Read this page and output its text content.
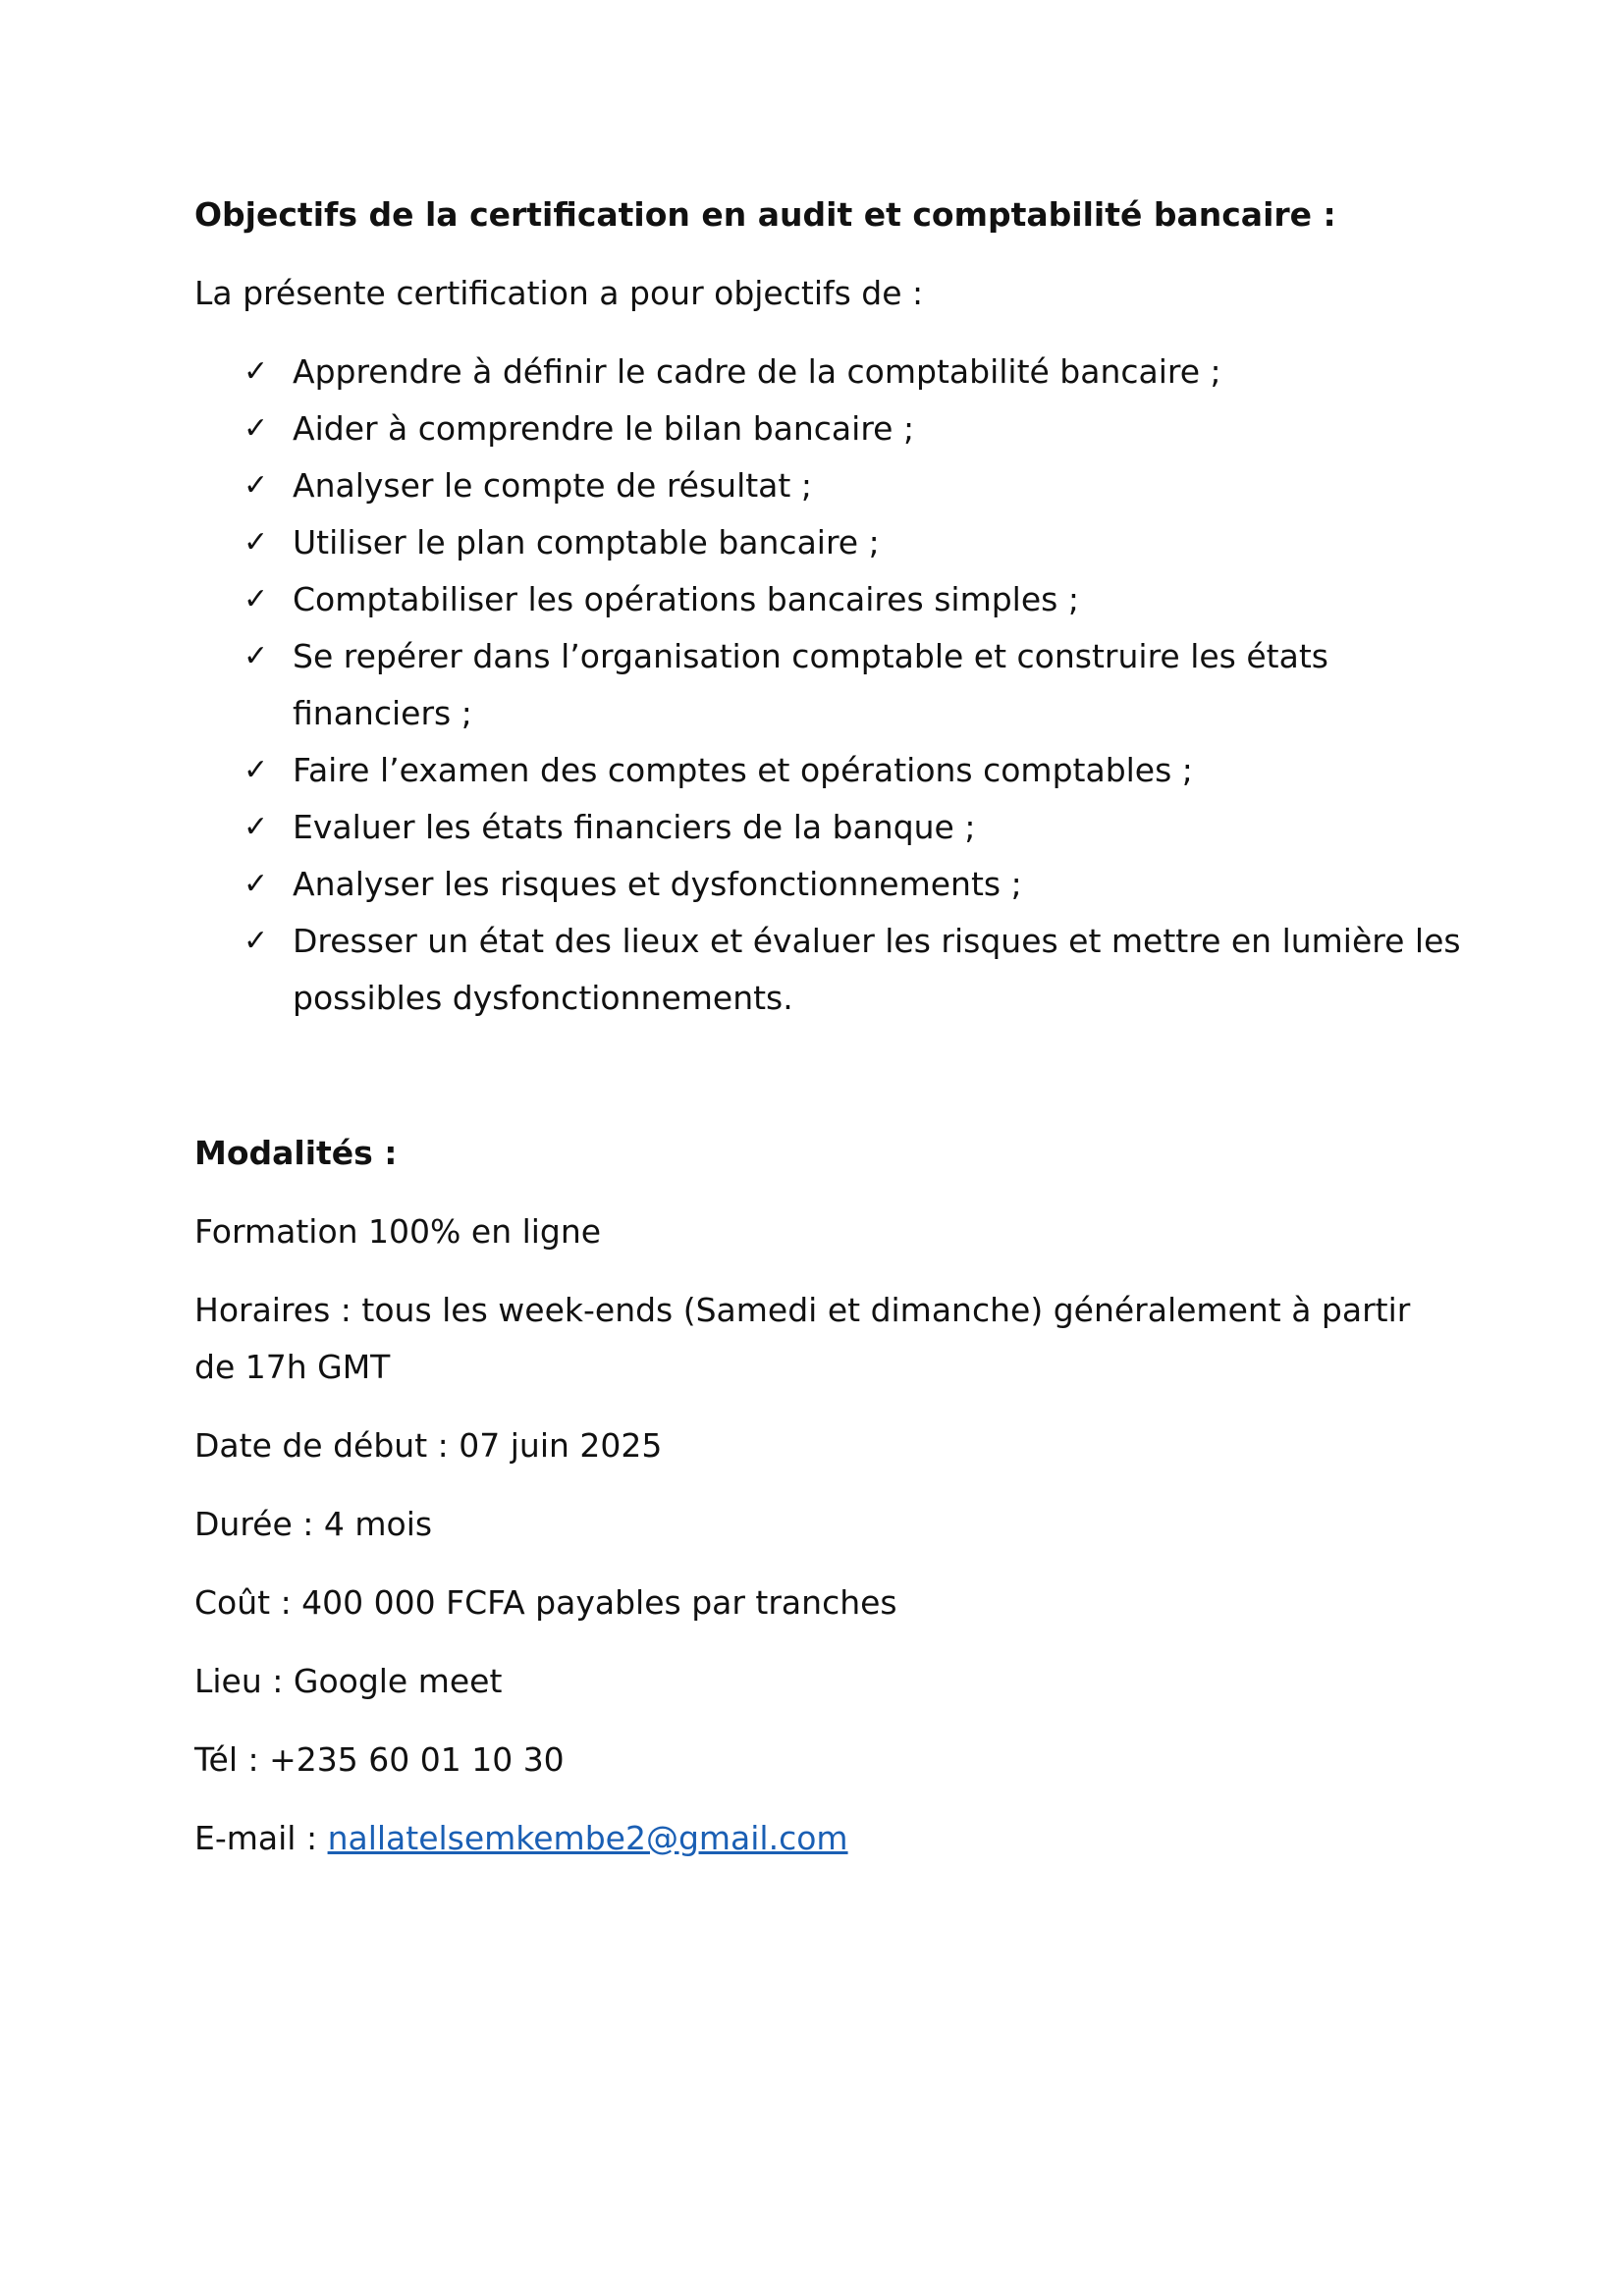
Objectifs de la certification en audit et comptabilité bancaire :
La présente certification a pour objectifs de :
✓ Apprendre à définir le cadre de la comptabilité bancaire ;
✓ Aider à comprendre le bilan bancaire ;
✓ Analyser le compte de résultat ;
✓ Utiliser le plan comptable bancaire ;
✓ Comptabiliser les opérations bancaires simples ;
✓ Se repérer dans l’organisation comptable et construire les états financiers ;
✓ Faire l’examen des comptes et opérations comptables ;
✓ Evaluer les états financiers de la banque ;
✓ Analyser les risques et dysfonctionnements ;
✓ Dresser un état des lieux et évaluer les risques et mettre en lumière les possibles dysfonctionnements.
Modalités :
Formation 100% en ligne
Horaires : tous les week-ends (Samedi et dimanche) généralement à partir de 17h GMT
Date de début : 07 juin 2025
Durée : 4 mois
Coût : 400 000 FCFA payables par tranches
Lieu : Google meet
Tél : +235 60 01 10 30
E-mail : nallatelsemkembe2@gmail.com
